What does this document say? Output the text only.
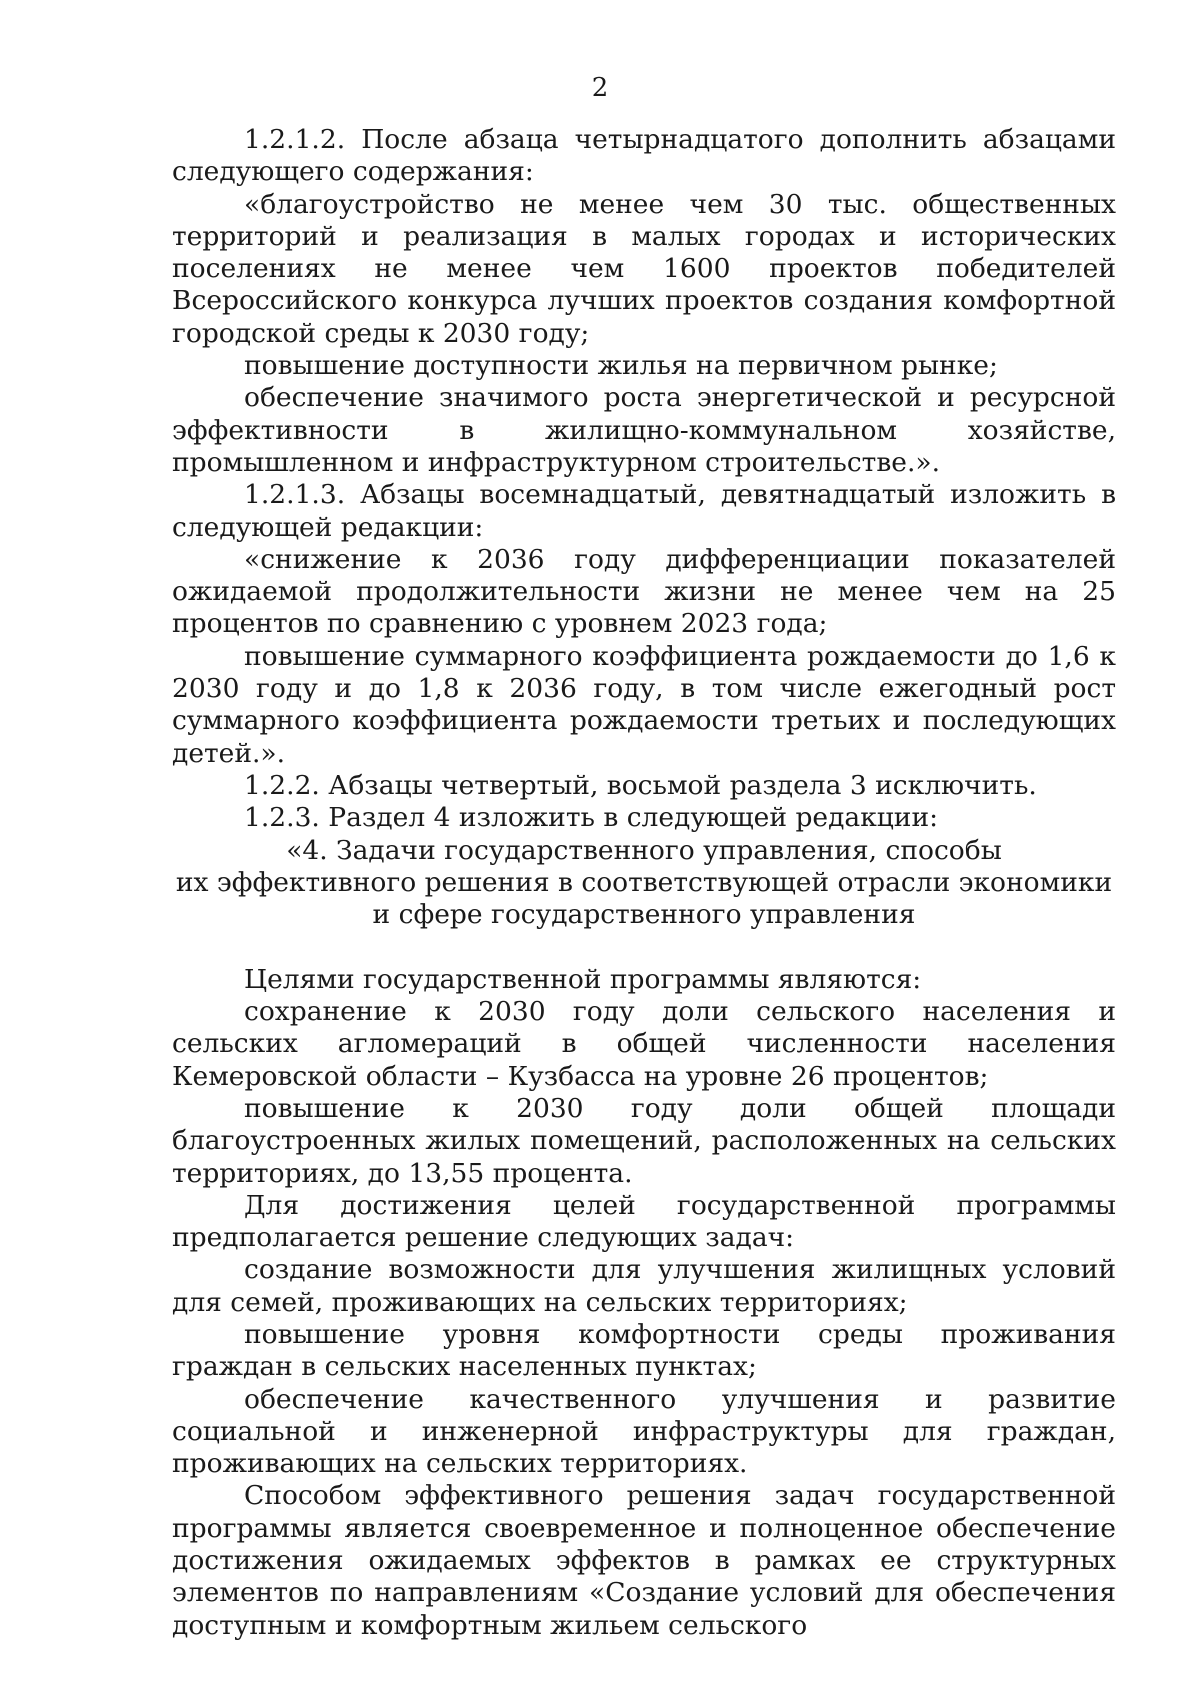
2

1.2.1.2. После абзаца четырнадцатого дополнить абзацами следующего содержания:

«благоустройство не менее чем 30 тыс. общественных территорий и реализация в малых городах и исторических поселениях не менее чем 1600 проектов победителей Всероссийского конкурса лучших проектов создания комфортной городской среды к 2030 году;

повышение доступности жилья на первичном рынке;

обеспечение значимого роста энергетической и ресурсной эффективности в жилищно-коммунальном хозяйстве, промышленном и инфраструктурном строительстве.».

1.2.1.3. Абзацы восемнадцатый, девятнадцатый изложить в следующей редакции:

«снижение к 2036 году дифференциации показателей ожидаемой продолжительности жизни не менее чем на 25 процентов по сравнению с уровнем 2023 года;

повышение суммарного коэффициента рождаемости до 1,6 к 2030 году и до 1,8 к 2036 году, в том числе ежегодный рост суммарного коэффициента рождаемости третьих и последующих детей.».

1.2.2. Абзацы четвертый, восьмой раздела 3 исключить.

1.2.3. Раздел 4 изложить в следующей редакции:

«4. Задачи государственного управления, способы

их эффективного решения в соответствующей отрасли экономики

и сфере государственного управления

Целями государственной программы являются:

сохранение к 2030 году доли сельского населения и сельских агломераций в общей численности населения Кемеровской области – Кузбасса на уровне 26 процентов;

повышение к 2030 году доли общей площади благоустроенных жилых помещений, расположенных на сельских территориях, до 13,55 процента.

Для достижения целей государственной программы предполагается решение следующих задач:

создание возможности для улучшения жилищных условий для семей, проживающих на сельских территориях;

повышение уровня комфортности среды проживания граждан в сельских населенных пунктах;

обеспечение качественного улучшения и развитие социальной и инженерной инфраструктуры для граждан, проживающих на сельских территориях.

Способом эффективного решения задач государственной программы является своевременное и полноценное обеспечение достижения ожидаемых эффектов в рамках ее структурных элементов по направлениям «Создание условий для обеспечения доступным и комфортным жильем сельского
